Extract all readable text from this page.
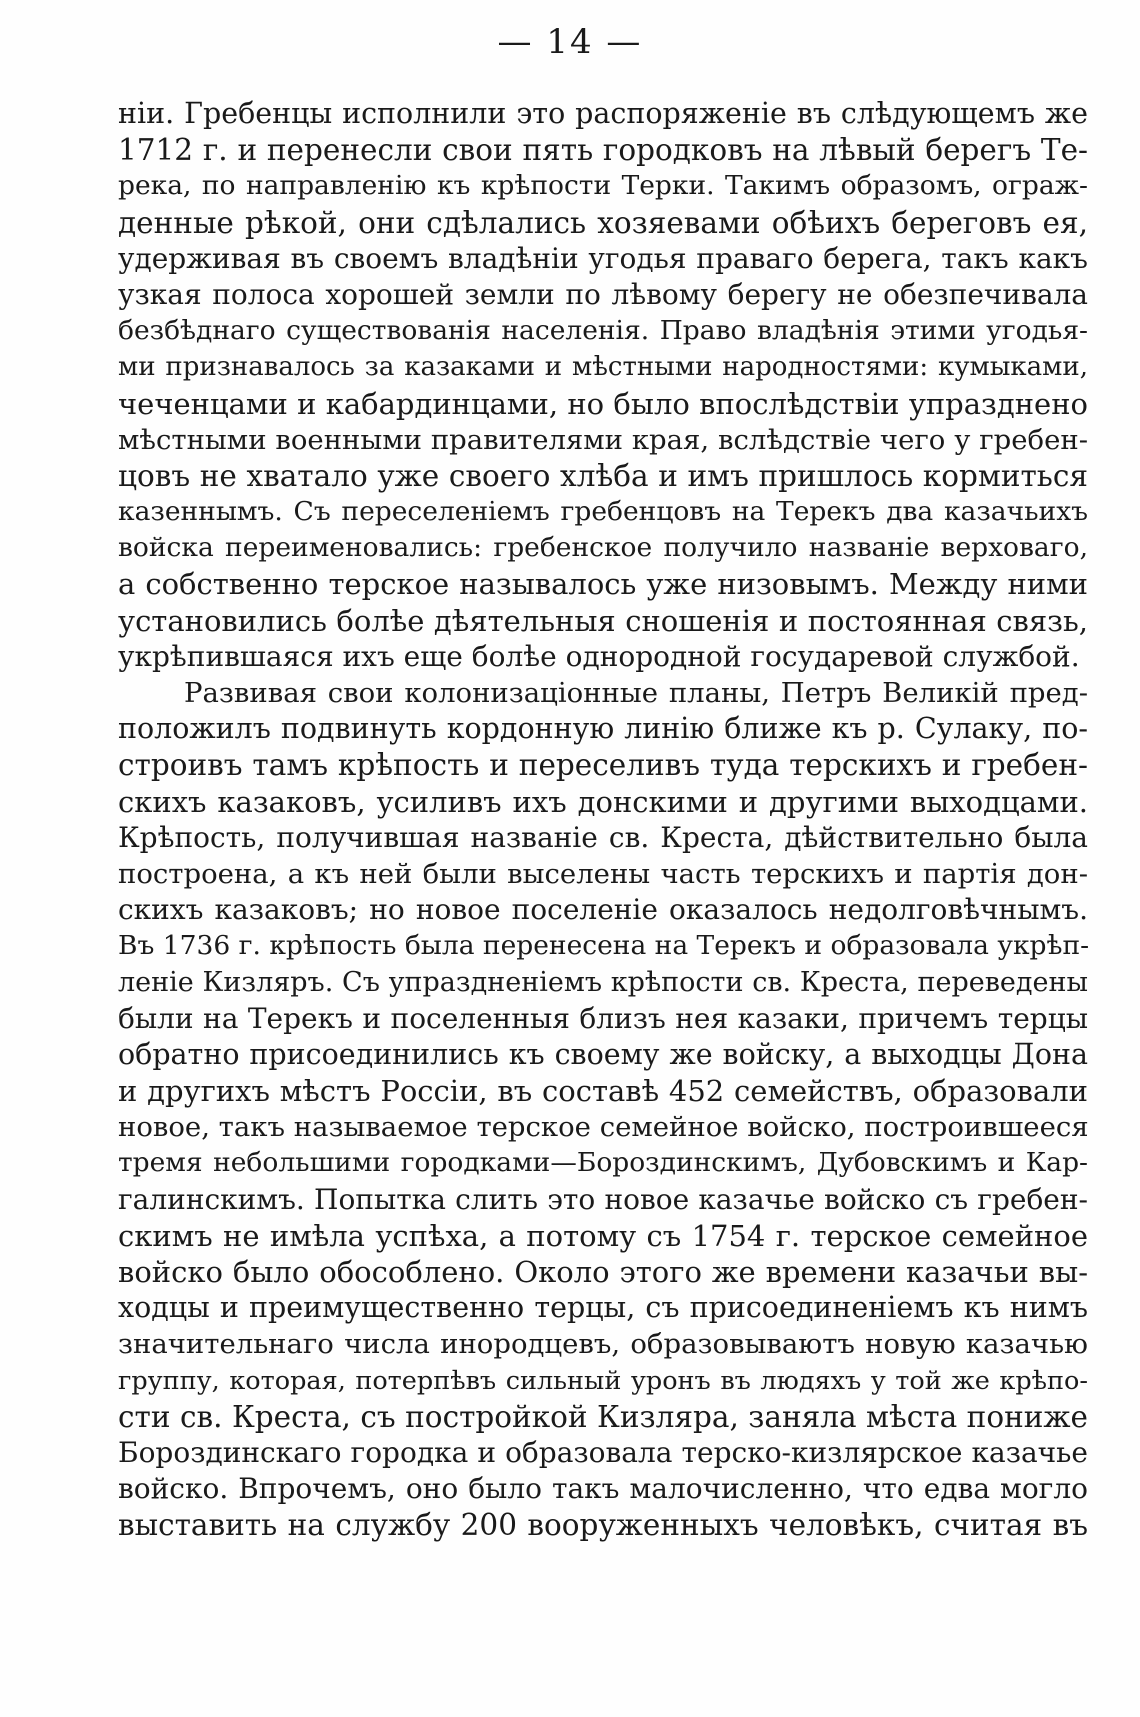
— 14 —
нiи. Гребенцы исполнили это распоряженiе въ слѣдующемъ же
1712 г. и перенесли свои пять городковъ на лѣвый берегъ Те-
река, по направленiю къ крѣпости Терки. Такимъ образомъ, ограж-
денные рѣкой, они сдѣлались хозяевами обѣихъ береговъ ея,
удерживая въ своемъ владѣнiи угодья праваго берега, такъ какъ
узкая полоса хорошей земли по лѣвому берегу не обезпечивала
безбѣднаго существованiя населенiя. Право владѣнiя этими угодья-
ми признавалось за казаками и мѣстными народностями: кумыками,
чеченцами и кабардинцами, но было впослѣдствiи упразднено
мѣстными военными правителями края, вслѣдствiе чего у гребен-
цовъ не хватало уже своего хлѣба и имъ пришлось кормиться
казеннымъ. Съ переселенiемъ гребенцовъ на Терекъ два казачьихъ
войска переименовались: гребенское получило названiе верховаго,
а собственно терское называлось уже низовымъ. Между ними
установились болѣе дѣятельныя сношенiя и постоянная связь,
укрѣпившаяся ихъ еще болѣе однородной государевой службой.
Развивая свои колонизацiонные планы, Петръ Великiй пред-
положилъ подвинуть кордонную линiю ближе къ р. Сулаку, по-
строивъ тамъ крѣпость и переселивъ туда терскихъ и гребен-
скихъ казаковъ, усиливъ ихъ донскими и другими выходцами.
Крѣпость, получившая названiе св. Креста, дѣйствительно была
построена, а къ ней были выселены часть терскихъ и партiя дон-
скихъ казаковъ; но новое поселенiе оказалось недолговѣчнымъ.
Въ 1736 г. крѣпость была перенесена на Терекъ и образовала укрѣп-
ленiе Кизляръ. Съ упраздненiемъ крѣпости св. Креста, переведены
были на Терекъ и поселенныя близъ нея казаки, причемъ терцы
обратно присоединились къ своему же войску, а выходцы Дона
и другихъ мѣстъ Россiи, въ составѣ 452 семействъ, образовали
новое, такъ называемое терское семейное войско, построившееся
тремя небольшими городками—Бороздинскимъ, Дубовскимъ и Кар-
галинскимъ. Попытка слить это новое казачье войско съ гребен-
скимъ не имѣла успѣха, а потому съ 1754 г. терское семейное
войско было обособлено. Около этого же времени казачьи вы-
ходцы и преимущественно терцы, съ присоединенiемъ къ нимъ
значительнаго числа инородцевъ, образовываютъ новую казачью
группу, которая, потерпѣвъ сильный уронъ въ людяхъ у той же крѣпо-
сти св. Креста, съ постройкой Кизляра, заняла мѣста пониже
Бороздинскаго городка и образовала терско-кизлярское казачье
войско. Впрочемъ, оно было такъ малочисленно, что едва могло
выставить на службу 200 вооруженныхъ человѣкъ, считая въ
